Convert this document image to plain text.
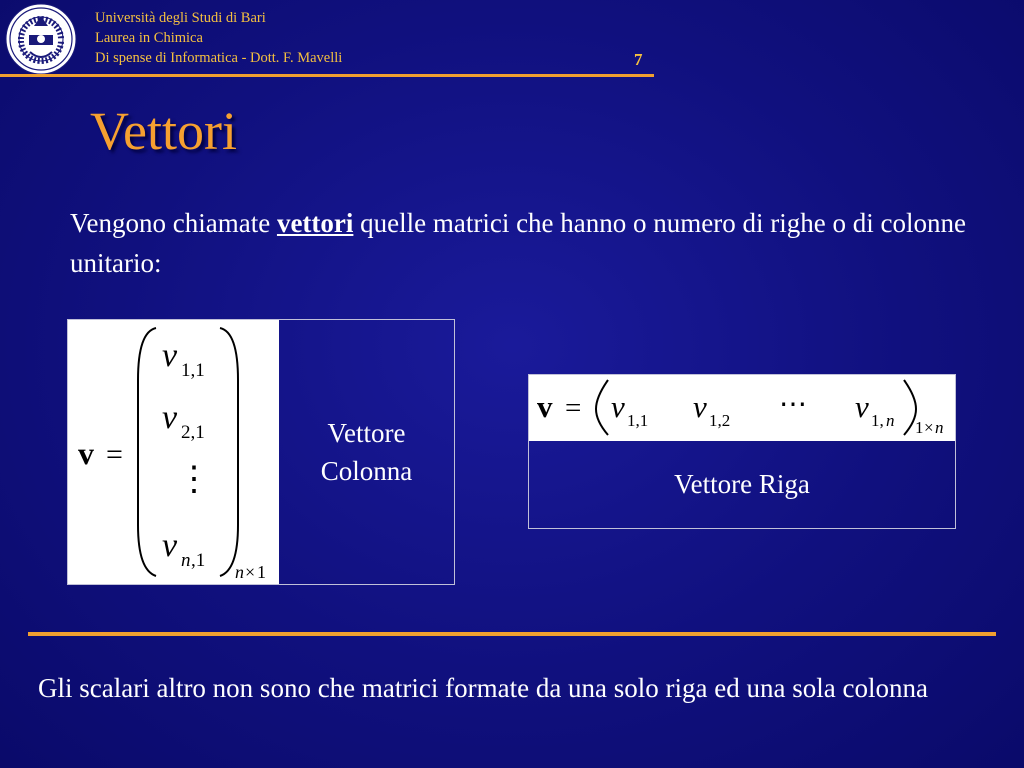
Università degli Studi di Bari
Laurea in Chimica
Di spense di Informatica - Dott. F. Mavelli	7
Vettori
Vengono chiamate vettori quelle matrici che hanno o numero di righe o di colonne unitario:
v =
v 1,1
v 2,1
⋮
v n ,1
n × 1
Vettore
Colonna
v = v 1,1 v 1,2
⋯ v 1, n 1 × n
Vettore Riga
Gli scalari altro non sono che matrici formate da una solo riga ed una sola colonna
